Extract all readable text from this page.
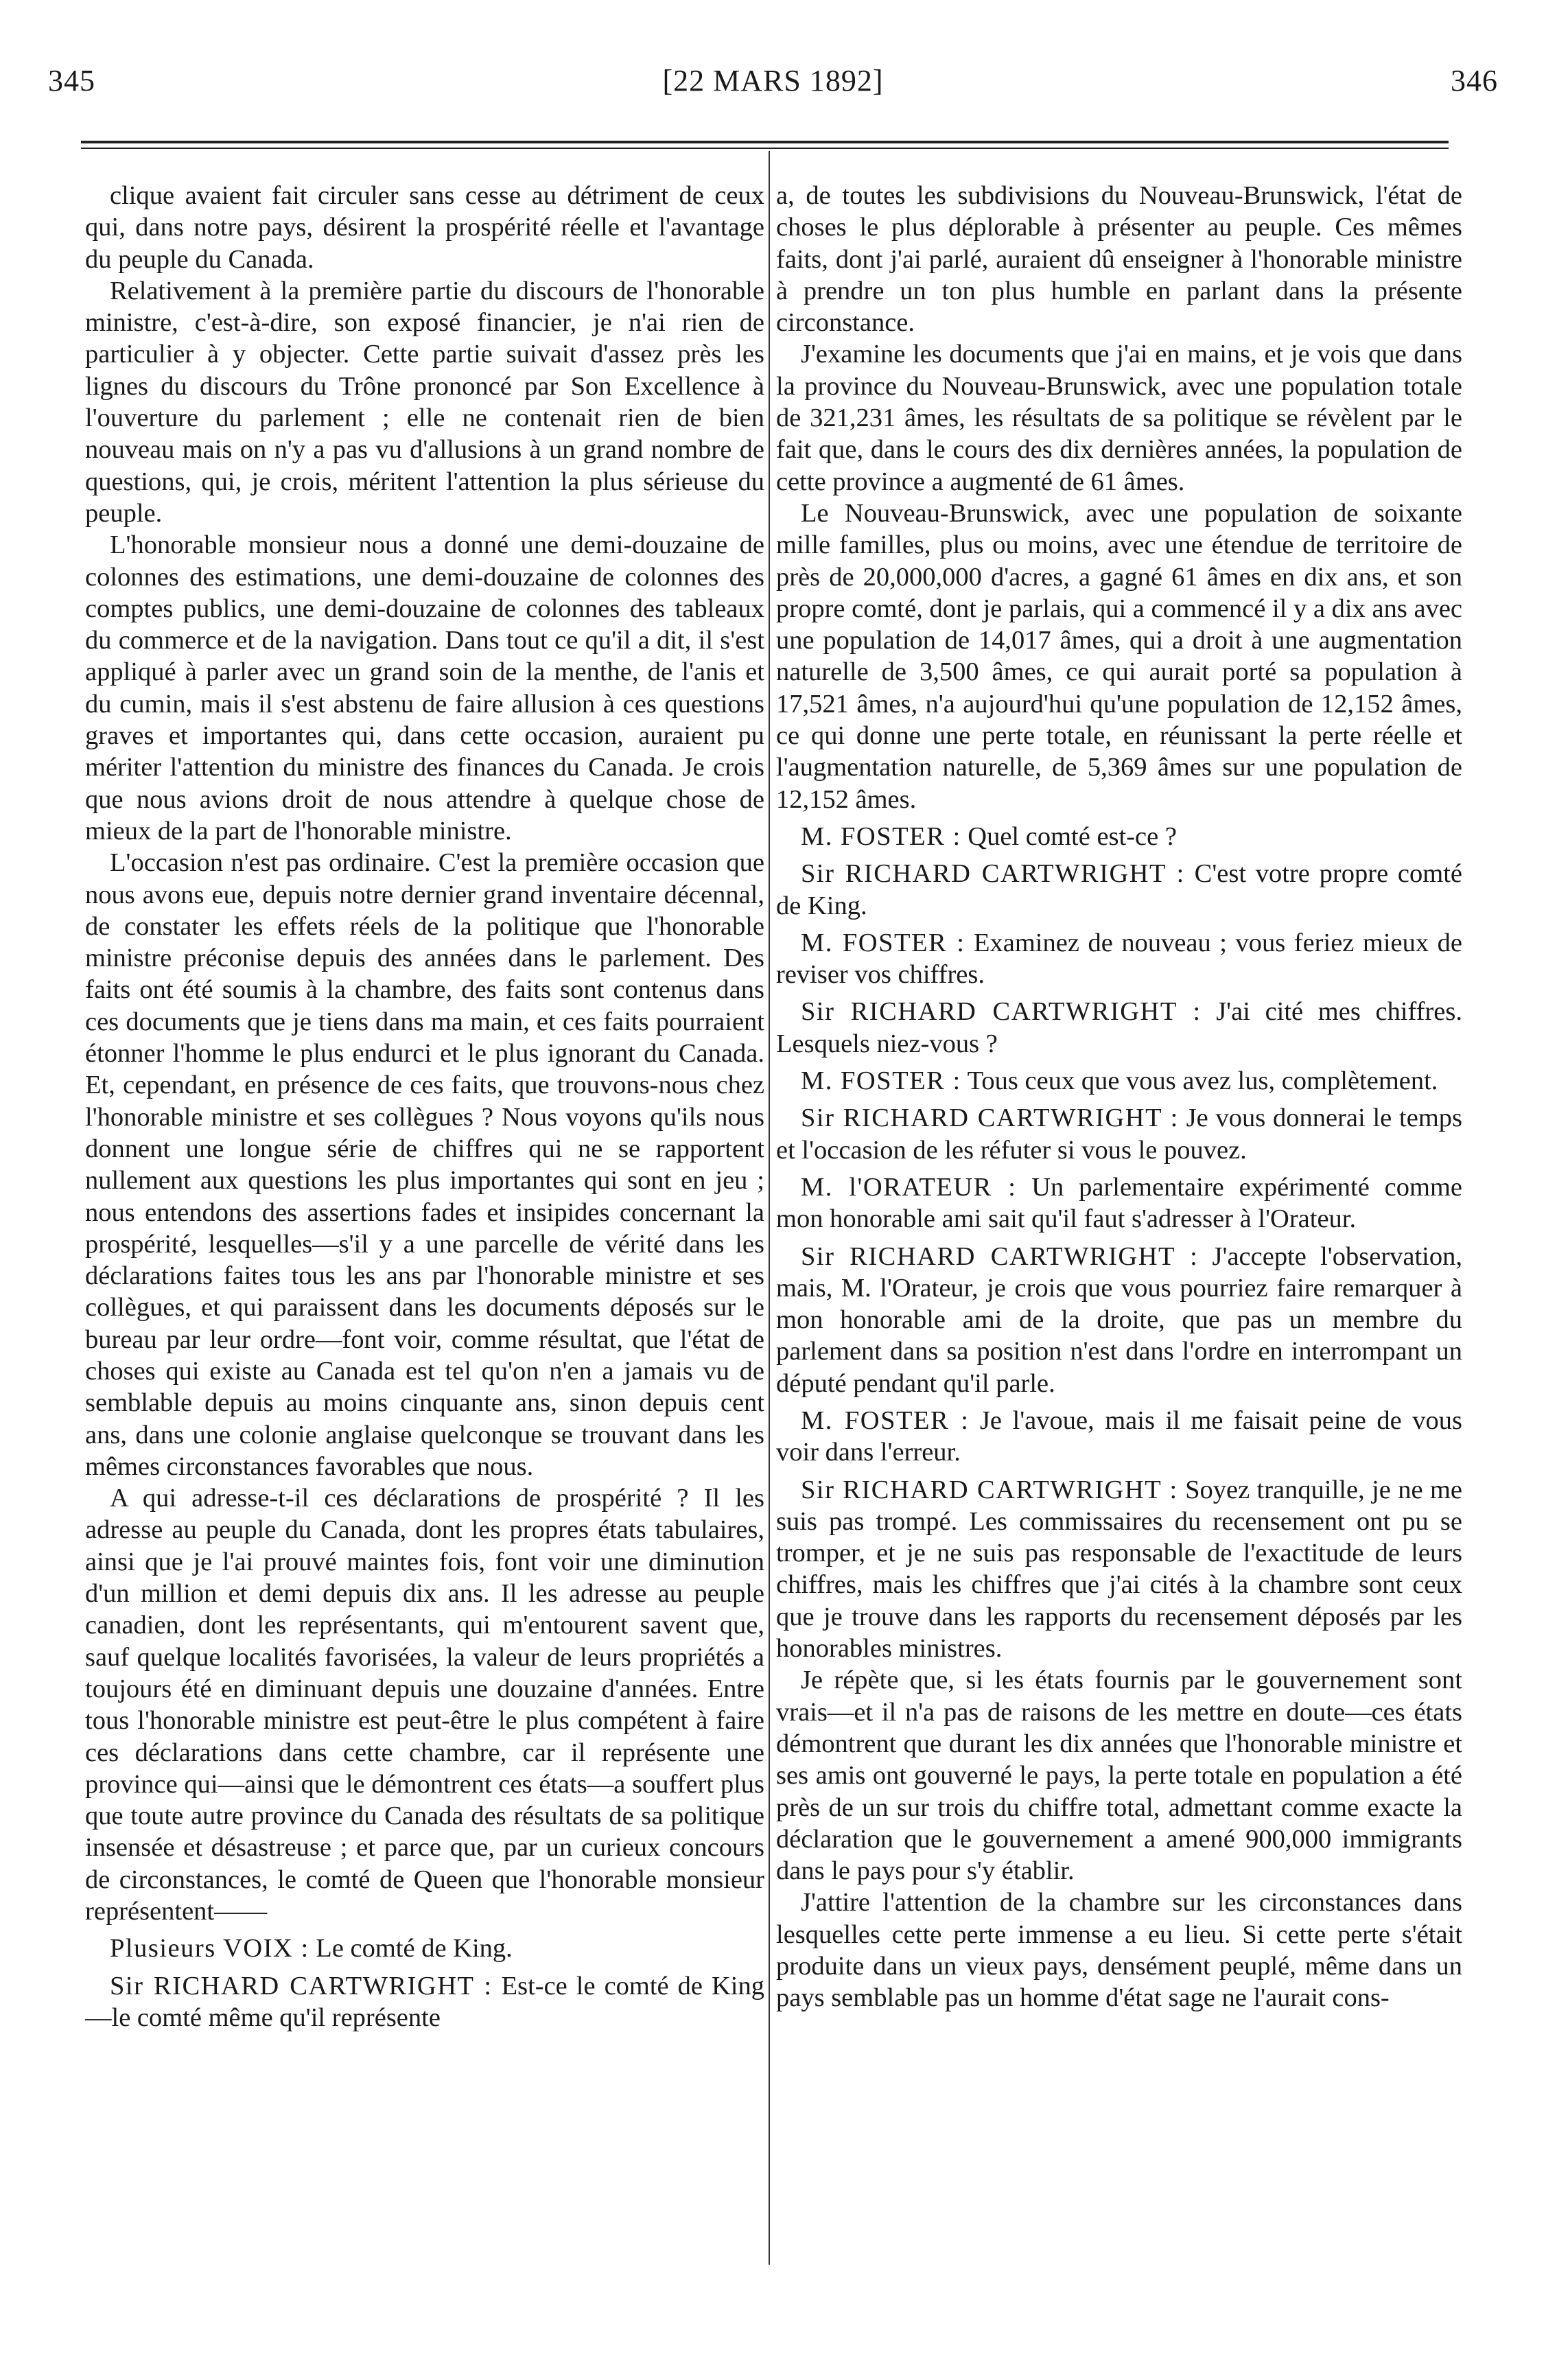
345	[22 MARS 1892]	346

clique avaient fait circuler sans cesse au détriment de ceux qui, dans notre pays, désirent la prospérité réelle et l'avantage du peuple du Canada.

Relativement à la première partie du discours de l'honorable ministre, c'est-à-dire, son exposé financier, je n'ai rien de particulier à y objecter. Cette partie suivait d'assez près les lignes du discours du Trône prononcé par Son Excellence à l'ouverture du parlement ; elle ne contenait rien de bien nouveau mais on n'y a pas vu d'allusions à un grand nombre de questions, qui, je crois, méritent l'attention la plus sérieuse du peuple.

L'honorable monsieur nous a donné une demi-douzaine de colonnes des estimations, une demi-douzaine de colonnes des comptes publics, une demi-douzaine de colonnes des tableaux du commerce et de la navigation. Dans tout ce qu'il a dit, il s'est appliqué à parler avec un grand soin de la menthe, de l'anis et du cumin, mais il s'est abstenu de faire allusion à ces questions graves et importantes qui, dans cette occasion, auraient pu mériter l'attention du ministre des finances du Canada. Je crois que nous avions droit de nous attendre à quelque chose de mieux de la part de l'honorable ministre.

L'occasion n'est pas ordinaire. C'est la première occasion que nous avons eue, depuis notre dernier grand inventaire décennal, de constater les effets réels de la politique que l'honorable ministre préconise depuis des années dans le parlement. Des faits ont été soumis à la chambre, des faits sont contenus dans ces documents que je tiens dans ma main, et ces faits pourraient étonner l'homme le plus endurci et le plus ignorant du Canada. Et, cependant, en présence de ces faits, que trouvons-nous chez l'honorable ministre et ses collègues ? Nous voyons qu'ils nous donnent une longue série de chiffres qui ne se rapportent nullement aux questions les plus importantes qui sont en jeu ; nous entendons des assertions fades et insipides concernant la prospérité, lesquelles—s'il y a une parcelle de vérité dans les déclarations faites tous les ans par l'honorable ministre et ses collègues, et qui paraissent dans les documents déposés sur le bureau par leur ordre—font voir, comme résultat, que l'état de choses qui existe au Canada est tel qu'on n'en a jamais vu de semblable depuis au moins cinquante ans, sinon depuis cent ans, dans une colonie anglaise quelconque se trouvant dans les mêmes circonstances favorables que nous.

A qui adresse-t-il ces déclarations de prospérité ? Il les adresse au peuple du Canada, dont les propres états tabulaires, ainsi que je l'ai prouvé maintes fois, font voir une diminution d'un million et demi depuis dix ans. Il les adresse au peuple canadien, dont les représentants, qui m'entourent savent que, sauf quelque localités favorisées, la valeur de leurs propriétés a toujours été en diminuant depuis une douzaine d'années. Entre tous l'honorable ministre est peut-être le plus compétent à faire ces déclarations dans cette chambre, car il représente une province qui—ainsi que le démontrent ces états—a souffert plus que toute autre province du Canada des résultats de sa politique insensée et désastreuse ; et parce que, par un curieux concours de circonstances, le comté de Queen que l'honorable monsieur représentent——

Plusieurs VOIX : Le comté de King.

Sir RICHARD CARTWRIGHT : Est-ce le comté de King—le comté même qu'il représente

a, de toutes les subdivisions du Nouveau-Brunswick, l'état de choses le plus déplorable à présenter au peuple. Ces mêmes faits, dont j'ai parlé, auraient dû enseigner à l'honorable ministre à prendre un ton plus humble en parlant dans la présente circonstance.

J'examine les documents que j'ai en mains, et je vois que dans la province du Nouveau-Brunswick, avec une population totale de 321,231 âmes, les résultats de sa politique se révèlent par le fait que, dans le cours des dix dernières années, la population de cette province a augmenté de 61 âmes.

Le Nouveau-Brunswick, avec une population de soixante mille familles, plus ou moins, avec une étendue de territoire de près de 20,000,000 d'acres, a gagné 61 âmes en dix ans, et son propre comté, dont je parlais, qui a commencé il y a dix ans avec une population de 14,017 âmes, qui a droit à une augmentation naturelle de 3,500 âmes, ce qui aurait porté sa population à 17,521 âmes, n'a aujourd'hui qu'une population de 12,152 âmes, ce qui donne une perte totale, en réunissant la perte réelle et l'augmentation naturelle, de 5,369 âmes sur une population de 12,152 âmes.

M. FOSTER : Quel comté est-ce ?

Sir RICHARD CARTWRIGHT : C'est votre propre comté de King.

M. FOSTER : Examinez de nouveau ; vous feriez mieux de reviser vos chiffres.

Sir RICHARD CARTWRIGHT : J'ai cité mes chiffres. Lesquels niez-vous ?

M. FOSTER : Tous ceux que vous avez lus, complètement.

Sir RICHARD CARTWRIGHT : Je vous donnerai le temps et l'occasion de les réfuter si vous le pouvez.

M. l'ORATEUR : Un parlementaire expérimenté comme mon honorable ami sait qu'il faut s'adresser à l'Orateur.

Sir RICHARD CARTWRIGHT : J'accepte l'observation, mais, M. l'Orateur, je crois que vous pourriez faire remarquer à mon honorable ami de la droite, que pas un membre du parlement dans sa position n'est dans l'ordre en interrompant un député pendant qu'il parle.

M. FOSTER : Je l'avoue, mais il me faisait peine de vous voir dans l'erreur.

Sir RICHARD CARTWRIGHT : Soyez tranquille, je ne me suis pas trompé. Les commissaires du recensement ont pu se tromper, et je ne suis pas responsable de l'exactitude de leurs chiffres, mais les chiffres que j'ai cités à la chambre sont ceux que je trouve dans les rapports du recensement déposés par les honorables ministres.

Je répète que, si les états fournis par le gouvernement sont vrais—et il n'a pas de raisons de les mettre en doute—ces états démontrent que durant les dix années que l'honorable ministre et ses amis ont gouverné le pays, la perte totale en population a été près de un sur trois du chiffre total, admettant comme exacte la déclaration que le gouvernement a amené 900,000 immigrants dans le pays pour s'y établir.

J'attire l'attention de la chambre sur les circonstances dans lesquelles cette perte immense a eu lieu. Si cette perte s'était produite dans un vieux pays, densément peuplé, même dans un pays semblable pas un homme d'état sage ne l'aurait cons-
